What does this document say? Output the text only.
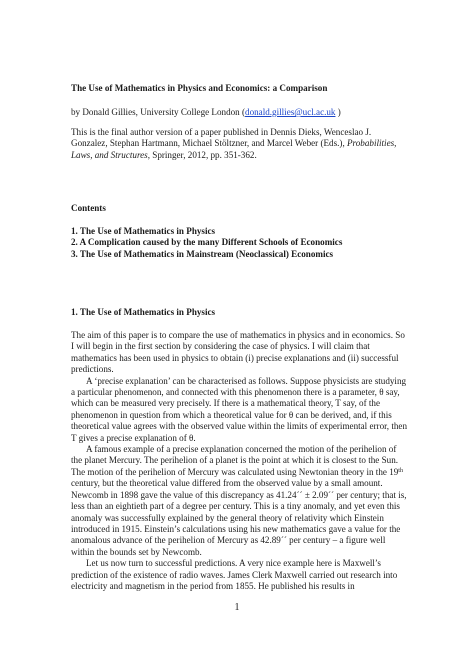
The Use of Mathematics in Physics and Economics: a Comparison
by Donald Gillies, University College London (donald.gillies@ucl.ac.uk )
This is the final author version of a paper published in Dennis Dieks, Wenceslao J. Gonzalez, Stephan Hartmann, Michael Stöltzner, and Marcel Weber (Eds.), Probabilities, Laws, and Structures, Springer, 2012, pp. 351-362.
Contents
1. The Use of Mathematics in Physics
2. A Complication caused by the many Different Schools of Economics
3. The Use of Mathematics in Mainstream (Neoclassical) Economics
1. The Use of Mathematics in Physics

The aim of this paper is to compare the use of mathematics in physics and in economics. So I will begin in the first section by considering the case of physics. I will claim that mathematics has been used in physics to obtain (i) precise explanations and (ii) successful predictions.

A ‘precise explanation’ can be characterised as follows. Suppose physicists are studying a particular phenomenon, and connected with this phenomenon there is a parameter, θ say, which can be measured very precisely. If there is a mathematical theory, T say, of the phenomenon in question from which a theoretical value for θ can be derived, and, if this theoretical value agrees with the observed value within the limits of experimental error, then T gives a precise explanation of θ.

A famous example of a precise explanation concerned the motion of the perihelion of the planet Mercury. The perihelion of a planet is the point at which it is closest to the Sun. The motion of the perihelion of Mercury was calculated using Newtonian theory in the 19th century, but the theoretical value differed from the observed value by a small amount. Newcomb in 1898 gave the value of this discrepancy as 41.24´´ ± 2.09´´ per century; that is, less than an eightieth part of a degree per century. This is a tiny anomaly, and yet even this anomaly was successfully explained by the general theory of relativity which Einstein introduced in 1915. Einstein’s calculations using his new mathematics gave a value for the anomalous advance of the perihelion of Mercury as 42.89´´ per century – a figure well within the bounds set by Newcomb.

Let us now turn to successful predictions. A very nice example here is Maxwell’s prediction of the existence of radio waves. James Clerk Maxwell carried out research into electricity and magnetism in the period from 1855. He published his results in

1
